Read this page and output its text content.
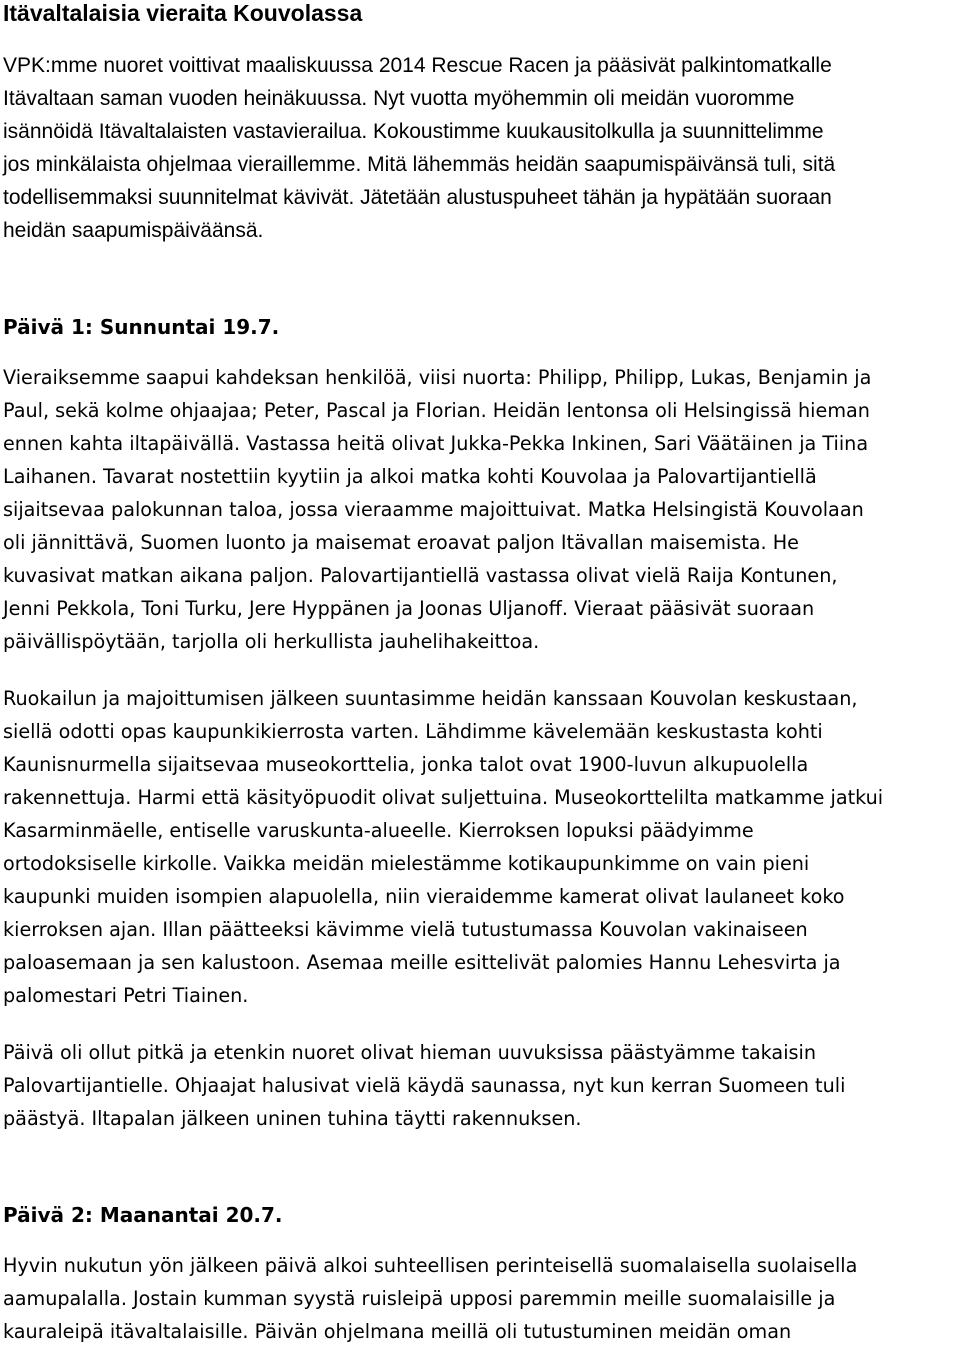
Itävaltalaisia vieraita Kouvolassa

VPK:mme nuoret voittivat maaliskuussa 2014 Rescue Racen ja pääsivät palkintomatkalle
Itävaltaan saman vuoden heinäkuussa. Nyt vuotta myöhemmin oli meidän vuoromme
isännöidä Itävaltalaisten vastavierailua. Kokoustimme kuukausitolkulla ja suunnittelimme
jos minkälaista ohjelmaa vieraillemme. Mitä lähemmäs heidän saapumispäivänsä tuli, sitä
todellisemmaksi suunnitelmat kävivät. Jätetään alustuspuheet tähän ja hypätään suoraan
heidän saapumispäiväänsä.

Päivä 1: Sunnuntai 19.7.

Vieraiksemme saapui kahdeksan henkilöä, viisi nuorta: Philipp, Philipp, Lukas, Benjamin ja
Paul, sekä kolme ohjaajaa; Peter, Pascal ja Florian. Heidän lentonsa oli Helsingissä hieman
ennen kahta iltapäivällä. Vastassa heitä olivat Jukka-Pekka Inkinen, Sari Väätäinen ja Tiina
Laihanen. Tavarat nostettiin kyytiin ja alkoi matka kohti Kouvolaa ja Palovartijantiellä
sijaitsevaa palokunnan taloa, jossa vieraamme majoittuivat. Matka Helsingistä Kouvolaan
oli jännittävä, Suomen luonto ja maisemat eroavat paljon Itävallan maisemista. He
kuvasivat matkan aikana paljon. Palovartijantiellä vastassa olivat vielä Raija Kontunen,
Jenni Pekkola, Toni Turku, Jere Hyppänen ja Joonas Uljanoff. Vieraat pääsivät suoraan
päivällispöytään, tarjolla oli herkullista jauhelihakeittoa.

Ruokailun ja majoittumisen jälkeen suuntasimme heidän kanssaan Kouvolan keskustaan,
siellä odotti opas kaupunkikierrosta varten. Lähdimme kävelemään keskustasta kohti
Kaunisnurmella sijaitsevaa museokorttelia, jonka talot ovat 1900-luvun alkupuolella
rakennettuja. Harmi että käsityöpuodit olivat suljettuina. Museokorttelilta matkamme jatkui
Kasarminmäelle, entiselle varuskunta-alueelle. Kierroksen lopuksi päädyimme
ortodoksiselle kirkolle. Vaikka meidän mielestämme kotikaupunkimme on vain pieni
kaupunki muiden isompien alapuolella, niin vieraidemme kamerat olivat laulaneet koko
kierroksen ajan. Illan päätteeksi kävimme vielä tutustumassa Kouvolan vakinaiseen
paloasemaan ja sen kalustoon. Asemaa meille esittelivät palomies Hannu Lehesvirta ja
palomestari Petri Tiainen.

Päivä oli ollut pitkä ja etenkin nuoret olivat hieman uuvuksissa päästyämme takaisin
Palovartijantielle. Ohjaajat halusivat vielä käydä saunassa, nyt kun kerran Suomeen tuli
päästyä. Iltapalan jälkeen uninen tuhina täytti rakennuksen.

Päivä 2: Maanantai 20.7.

Hyvin nukutun yön jälkeen päivä alkoi suhteellisen perinteisellä suomalaisella suolaisella
aamupalalla. Jostain kumman syystä ruisleipä upposi paremmin meille suomalaisille ja
kauraleipä itävaltalaisille. Päivän ohjelmana meillä oli tutustuminen meidän oman
